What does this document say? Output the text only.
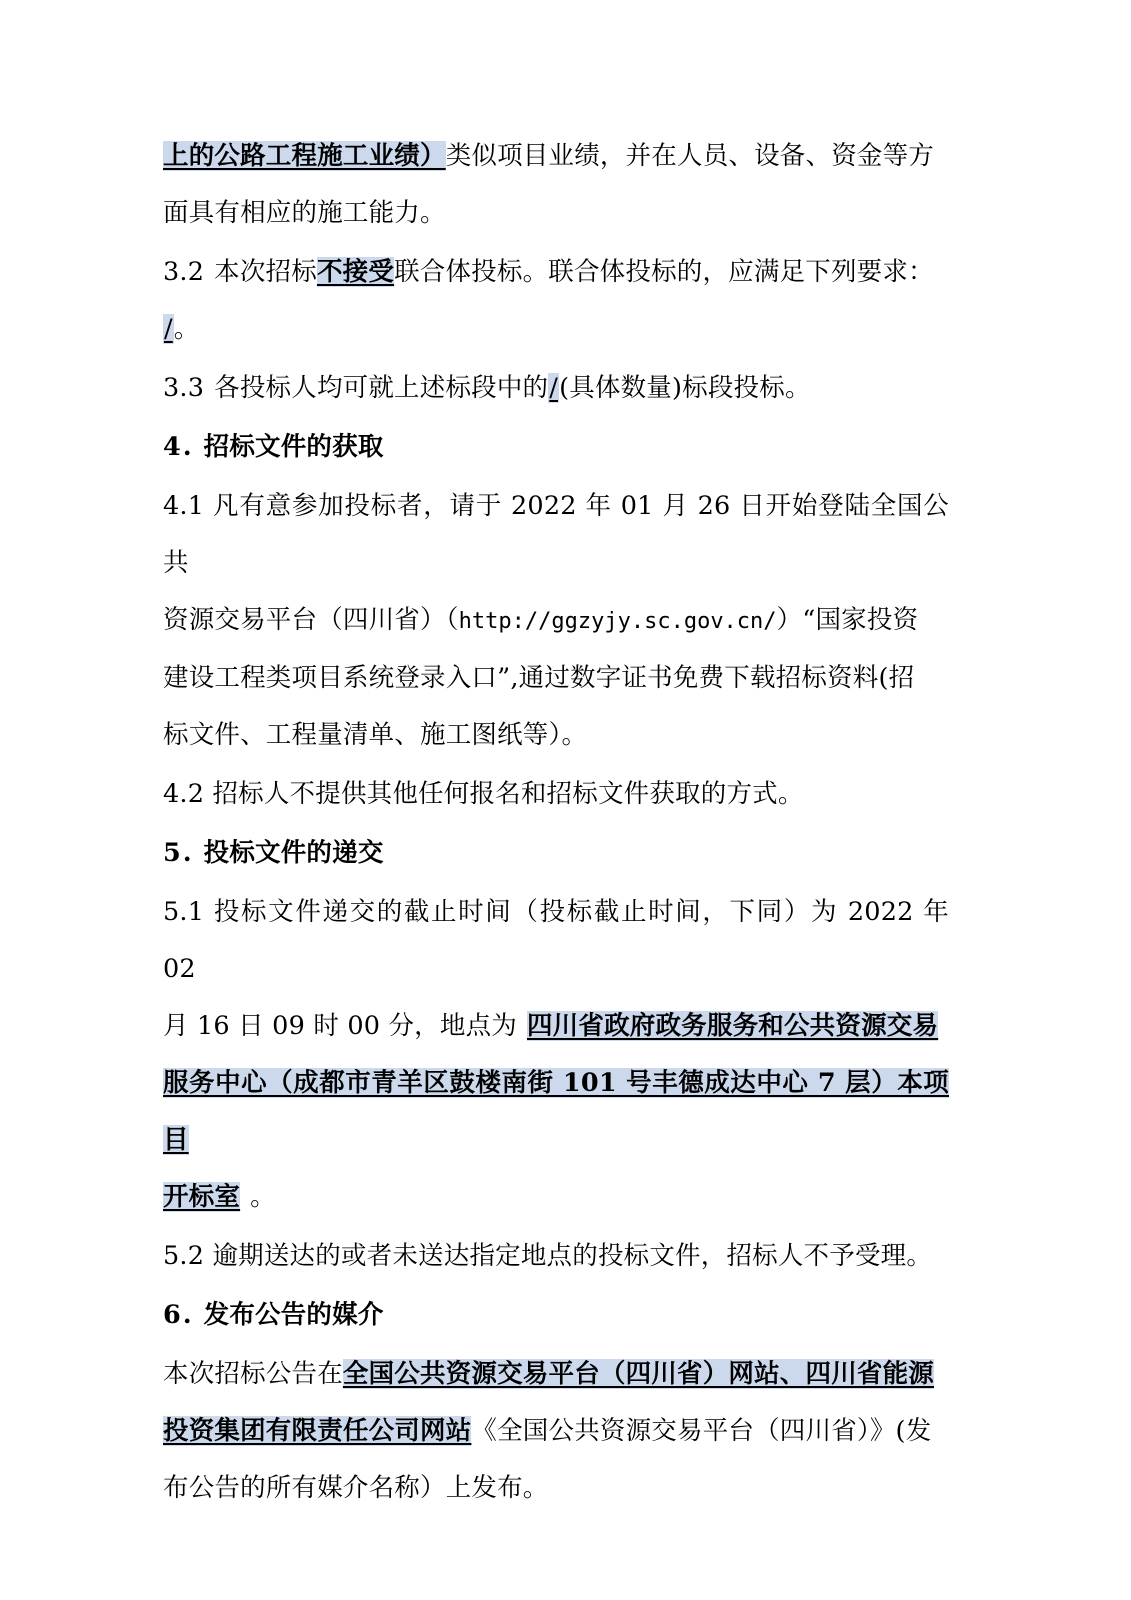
上的公路工程施工业绩）类似项目业绩，并在人员、设备、资金等方
面具有相应的施工能力。

3.2 本次招标不接受联合体投标。联合体投标的，应满足下列要求：
/。

3.3 各投标人均可就上述标段中的/(具体数量)标段投标。

4. 招标文件的获取

4.1 凡有意参加投标者，请于 2022 年 01 月 26 日开始登陆全国公共
资源交易平台（四川省）（http://ggzyjy.sc.gov.cn/）“国家投资
建设工程类项目系统登录入口”,通过数字证书免费下载招标资料(招
标文件、工程量清单、施工图纸等）。

4.2 招标人不提供其他任何报名和招标文件获取的方式。

5. 投标文件的递交

5.1 投标文件递交的截止时间（投标截止时间，下同）为 2022 年 02
月 16 日 09 时 00 分，地点为 四川省政府政务服务和公共资源交易
服务中心（成都市青羊区鼓楼南街 101 号丰德成达中心 7 层）本项目
开标室 。

5.2 逾期送达的或者未送达指定地点的投标文件，招标人不予受理。

6. 发布公告的媒介

本次招标公告在全国公共资源交易平台（四川省）网站、四川省能源
投资集团有限责任公司网站《全国公共资源交易平台（四川省）》(发
布公告的所有媒介名称）上发布。
